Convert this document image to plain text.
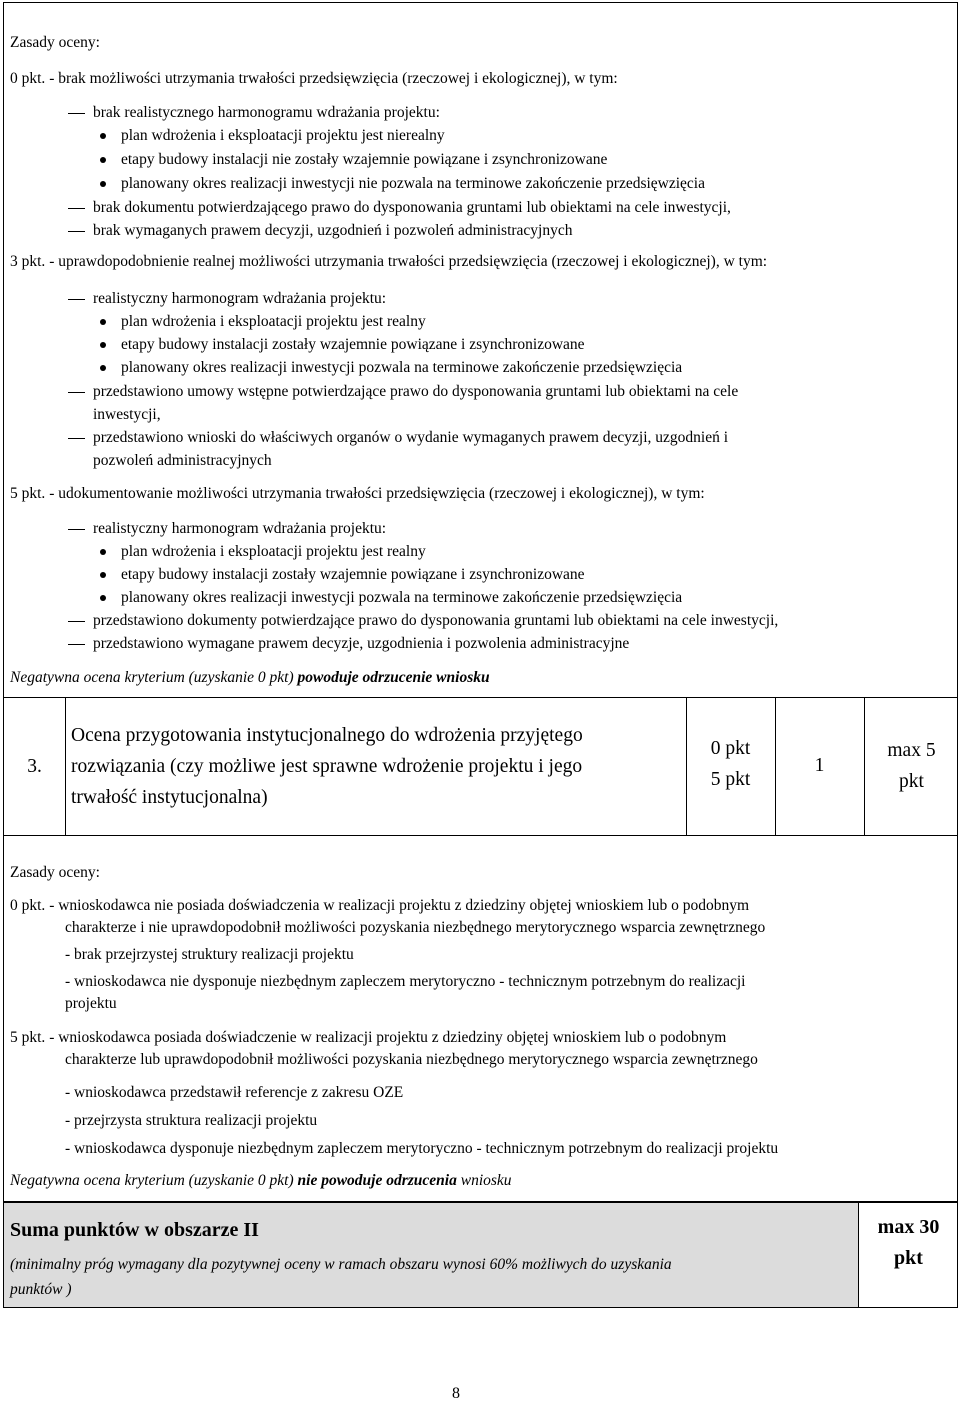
Zasady oceny:
0 pkt. - brak możliwości utrzymania trwałości przedsięwzięcia (rzeczowej i ekologicznej), w tym:
brak realistycznego harmonogramu wdrażania projektu:
plan wdrożenia i eksploatacji projektu jest nierealny
etapy budowy instalacji nie zostały wzajemnie powiązane i zsynchronizowane
planowany okres realizacji inwestycji nie pozwala na terminowe zakończenie przedsięwzięcia
brak dokumentu potwierdzającego prawo do dysponowania gruntami lub obiektami na cele inwestycji,
brak wymaganych prawem decyzji, uzgodnień i pozwoleń administracyjnych
3 pkt. - uprawdopodobnienie realnej możliwości utrzymania trwałości przedsięwzięcia (rzeczowej i ekologicznej), w tym:
realistyczny harmonogram wdrażania projektu:
plan wdrożenia i eksploatacji projektu jest realny
etapy budowy instalacji zostały wzajemnie powiązane i zsynchronizowane
planowany okres realizacji inwestycji pozwala na terminowe zakończenie przedsięwzięcia
przedstawiono umowy wstępne potwierdzające prawo do dysponowania gruntami lub obiektami na cele
inwestycji,
przedstawiono wnioski do właściwych organów o wydanie wymaganych prawem decyzji, uzgodnień i
pozwoleń administracyjnych
5 pkt. - udokumentowanie możliwości utrzymania trwałości przedsięwzięcia (rzeczowej i ekologicznej), w tym:
realistyczny harmonogram wdrażania projektu:
plan wdrożenia i eksploatacji projektu jest realny
etapy budowy instalacji zostały wzajemnie powiązane i zsynchronizowane
planowany okres realizacji inwestycji pozwala na terminowe zakończenie przedsięwzięcia
przedstawiono dokumenty potwierdzające prawo do dysponowania gruntami lub obiektami na cele inwestycji,
przedstawiono wymagane prawem decyzje, uzgodnienia i pozwolenia administracyjne
Negatywna ocena kryterium (uzyskanie 0 pkt) powoduje odrzucenie wniosku
3.
Ocena przygotowania instytucjonalnego do wdrożenia przyjętego
rozwiązania (czy możliwe jest sprawne wdrożenie projektu i jego
trwałość instytucjonalna)
0 pkt
5 pkt
1
max 5
pkt
Zasady oceny:
0 pkt. - wnioskodawca nie posiada doświadczenia w realizacji projektu z dziedziny objętej wnioskiem lub o podobnym
charakterze i nie uprawdopodobnił możliwości pozyskania niezbędnego merytorycznego wsparcia zewnętrznego
- brak przejrzystej struktury realizacji projektu
- wnioskodawca nie dysponuje niezbędnym zapleczem merytoryczno - technicznym potrzebnym do realizacji
projektu
5 pkt. - wnioskodawca posiada doświadczenie w realizacji projektu z dziedziny objętej wnioskiem lub o podobnym
charakterze lub uprawdopodobnił możliwości pozyskania niezbędnego merytorycznego wsparcia zewnętrznego
- wnioskodawca przedstawił referencje z zakresu OZE
- przejrzysta struktura realizacji projektu
- wnioskodawca dysponuje niezbędnym zapleczem merytoryczno - technicznym potrzebnym do realizacji projektu
Negatywna ocena kryterium (uzyskanie 0 pkt) nie powoduje odrzucenia wniosku
Suma punktów w obszarze II
(minimalny próg wymagany dla pozytywnej oceny w ramach obszaru wynosi 60% możliwych do uzyskania
punktów )
max 30
pkt
8
